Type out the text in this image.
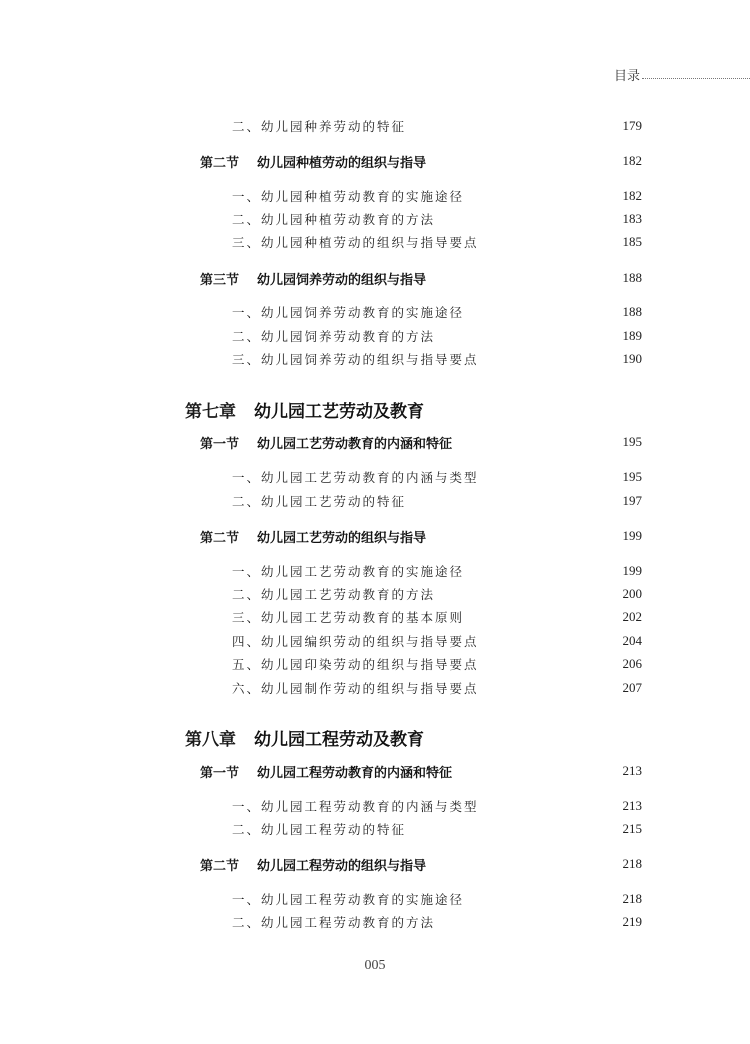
目录
二、幼儿园种养劳动的特征	179
第二节 幼儿园种植劳动的组织与指导	182
一、幼儿园种植劳动教育的实施途径	182
二、幼儿园种植劳动教育的方法	183
三、幼儿园种植劳动的组织与指导要点	185
第三节 幼儿园饲养劳动的组织与指导	188
一、幼儿园饲养劳动教育的实施途径	188
二、幼儿园饲养劳动教育的方法	189
三、幼儿园饲养劳动的组织与指导要点	190
第七章 幼儿园工艺劳动及教育
第一节 幼儿园工艺劳动教育的内涵和特征	195
一、幼儿园工艺劳动教育的内涵与类型	195
二、幼儿园工艺劳动的特征	197
第二节 幼儿园工艺劳动的组织与指导	199
一、幼儿园工艺劳动教育的实施途径	199
二、幼儿园工艺劳动教育的方法	200
三、幼儿园工艺劳动教育的基本原则	202
四、幼儿园编织劳动的组织与指导要点	204
五、幼儿园印染劳动的组织与指导要点	206
六、幼儿园制作劳动的组织与指导要点	207
第八章 幼儿园工程劳动及教育
第一节 幼儿园工程劳动教育的内涵和特征	213
一、幼儿园工程劳动教育的内涵与类型	213
二、幼儿园工程劳动的特征	215
第二节 幼儿园工程劳动的组织与指导	218
一、幼儿园工程劳动教育的实施途径	218
二、幼儿园工程劳动教育的方法	219
005
